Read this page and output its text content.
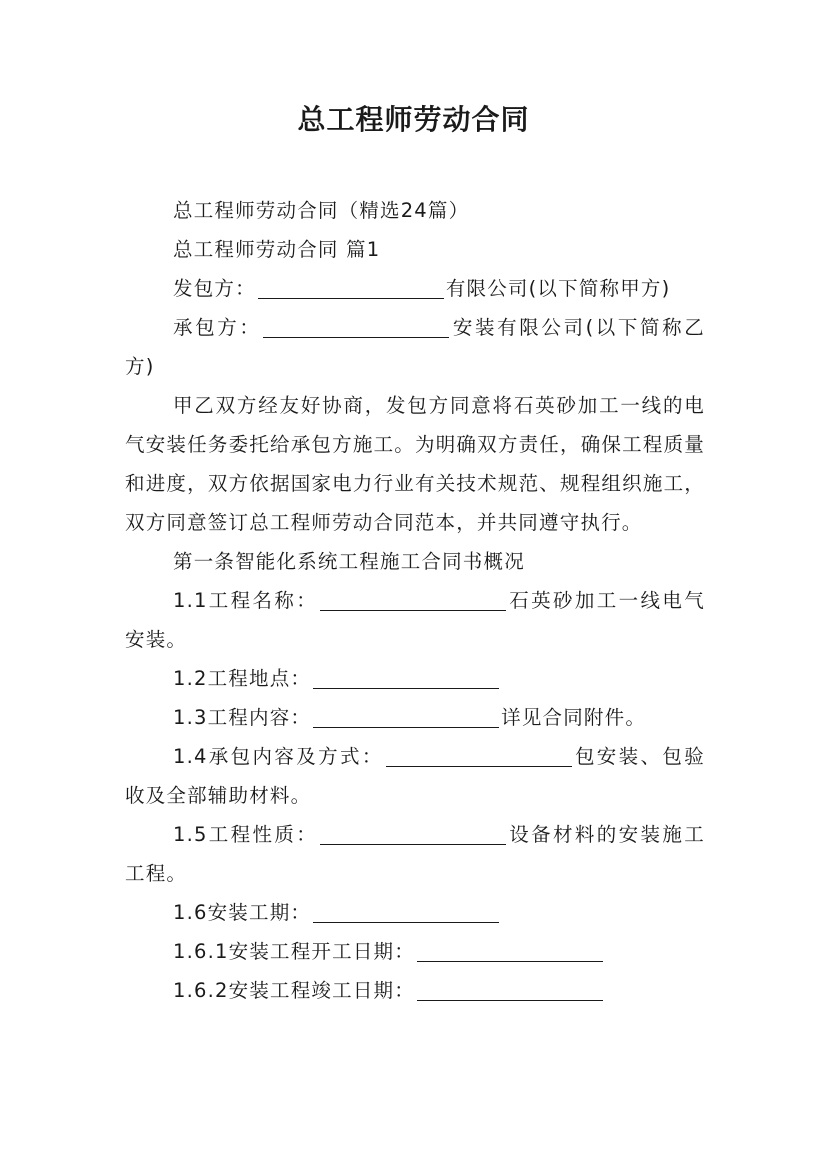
总工程师劳动合同

总工程师劳动合同（精选24篇）

总工程师劳动合同 篇1

发包方：	有限公司(以下简称甲方)

承包方：	安装有限公司(以下简称乙方)

甲乙双方经友好协商，发包方同意将石英砂加工一线的电气安装任务委托给承包方施工。为明确双方责任，确保工程质量和进度，双方依据国家电力行业有关技术规范、规程组织施工，双方同意签订总工程师劳动合同范本，并共同遵守执行。

第一条智能化系统工程施工合同书概况

1.1工程名称：	石英砂加工一线电气安装。

1.2工程地点：

1.3工程内容：	详见合同附件。

1.4承包内容及方式：	包安装、包验收及全部辅助材料。

1.5工程性质：	设备材料的安装施工工程。

1.6安装工期：

1.6.1安装工程开工日期：

1.6.2安装工程竣工日期：
